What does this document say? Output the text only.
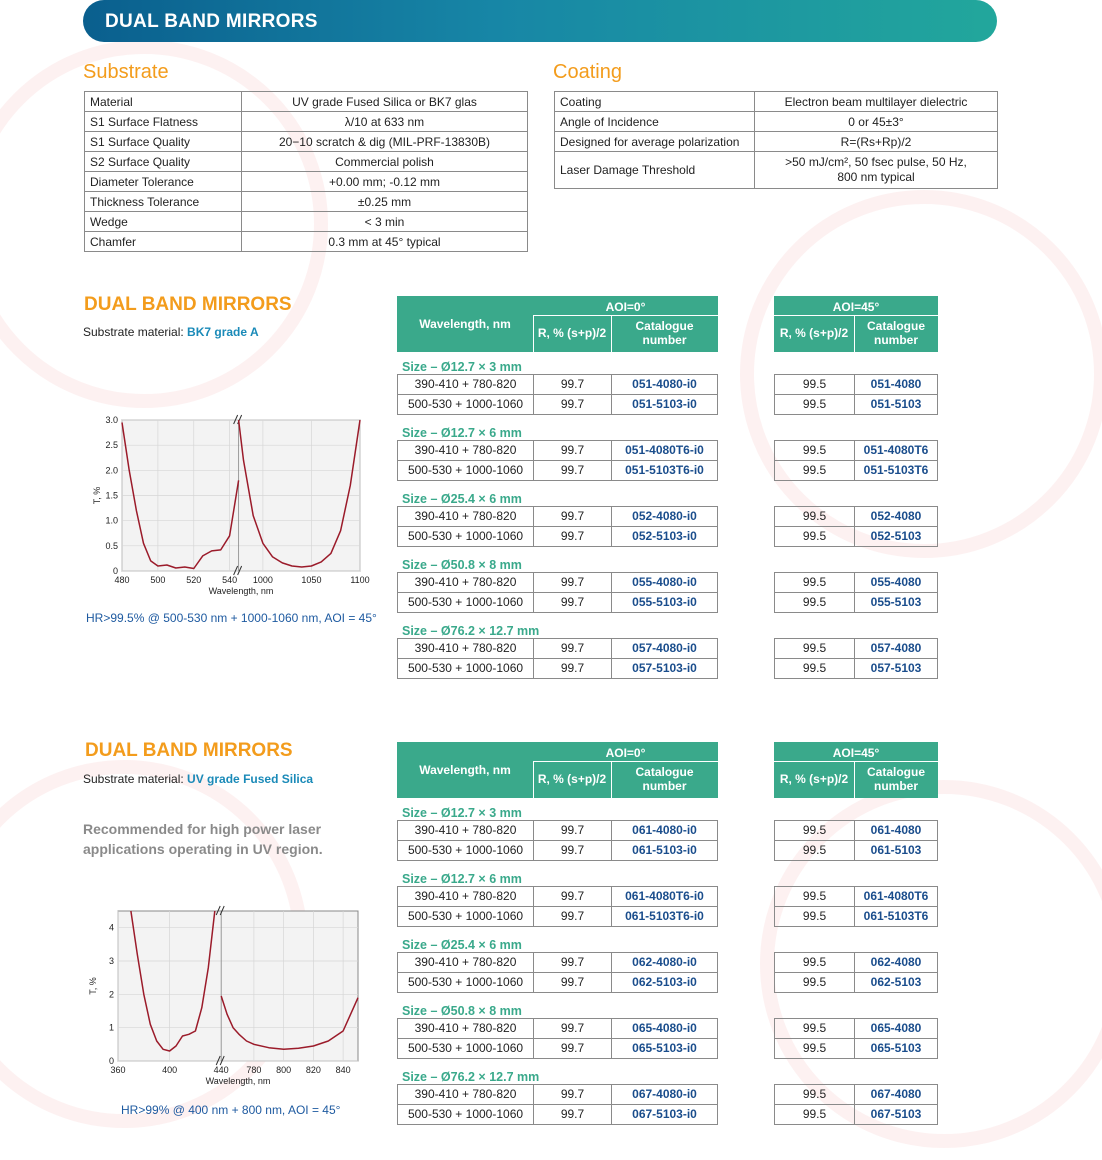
DUAL BAND MIRRORS
Substrate
Material	UV grade Fused Silica or BK7 glas
S1 Surface Flatness	λ/10 at 633 nm
S1 Surface Quality	20−10 scratch & dig (MIL-PRF-13830B)
S2 Surface Quality	Commercial polish
Diameter Tolerance	+0.00 mm; -0.12 mm
Thickness Tolerance	±0.25 mm
Wedge	< 3 min
Chamfer	0.3 mm at 45° typical
Coating
Coating	Electron beam multilayer dielectric
Angle of Incidence	0 or 45±3°
Designed for average polarization	R=(Rs+Rp)/2
Laser Damage Threshold	>50 mJ/cm², 50 fsec pulse, 50 Hz,
800 nm typical
DUAL BAND MIRRORS
Substrate material: BK7 grade A
0
0.5
1.0
1.5
2.0
2.5
3.0
480 500 520 540 1000	1050	1100
Wavelength, nm
T, %
HR>99.5% @ 500-530 nm + 1000-1060 nm, AOI = 45°
Wavelength, nm
AOI=0°
R, % (s+p)/2	Catalogue
number
AOI=45°
R, % (s+p)/2	Catalogue
number
Size – Ø12.7 × 3 mm
390-410 + 780-820	99.7	051-4080-i0	99.5	051-4080
500-530 + 1000-1060	99.7	051-5103-i0	99.5	051-5103
Size – Ø12.7 × 6 mm
390-410 + 780-820	99.7	051-4080T6-i0	99.5	051-4080T6
500-530 + 1000-1060	99.7	051-5103T6-i0	99.5	051-5103T6
Size – Ø25.4 × 6 mm
390-410 + 780-820	99.7	052-4080-i0	99.5	052-4080
500-530 + 1000-1060	99.7	052-5103-i0	99.5	052-5103
Size – Ø50.8 × 8 mm
390-410 + 780-820	99.7	055-4080-i0	99.5	055-4080
500-530 + 1000-1060	99.7	055-5103-i0	99.5	055-5103
Size – Ø76.2 × 12.7 mm
390-410 + 780-820	99.7	057-4080-i0	99.5	057-4080
500-530 + 1000-1060	99.7	057-5103-i0	99.5	057-5103
DUAL BAND MIRRORS
Substrate material: UV grade Fused Silica
Recommended for high power laser
applications operating in UV region.
0
1
2
3
4
360	400	440 780 800 820 840
Wavelength, nm
T, %
HR>99% @ 400 nm + 800 nm, AOI = 45°
Wavelength, nm
AOI=0°
R, % (s+p)/2	Catalogue
number
AOI=45°
R, % (s+p)/2	Catalogue
number
Size – Ø12.7 × 3 mm
390-410 + 780-820	99.7	061-4080-i0	99.5	061-4080
500-530 + 1000-1060	99.7	061-5103-i0	99.5	061-5103
Size – Ø12.7 × 6 mm
390-410 + 780-820	99.7	061-4080T6-i0	99.5	061-4080T6
500-530 + 1000-1060	99.7	061-5103T6-i0	99.5	061-5103T6
Size – Ø25.4 × 6 mm
390-410 + 780-820	99.7	062-4080-i0	99.5	062-4080
500-530 + 1000-1060	99.7	062-5103-i0	99.5	062-5103
Size – Ø50.8 × 8 mm
390-410 + 780-820	99.7	065-4080-i0	99.5	065-4080
500-530 + 1000-1060	99.7	065-5103-i0	99.5	065-5103
Size – Ø76.2 × 12.7 mm
390-410 + 780-820	99.7	067-4080-i0	99.5	067-4080
500-530 + 1000-1060	99.7	067-5103-i0	99.5	067-5103
